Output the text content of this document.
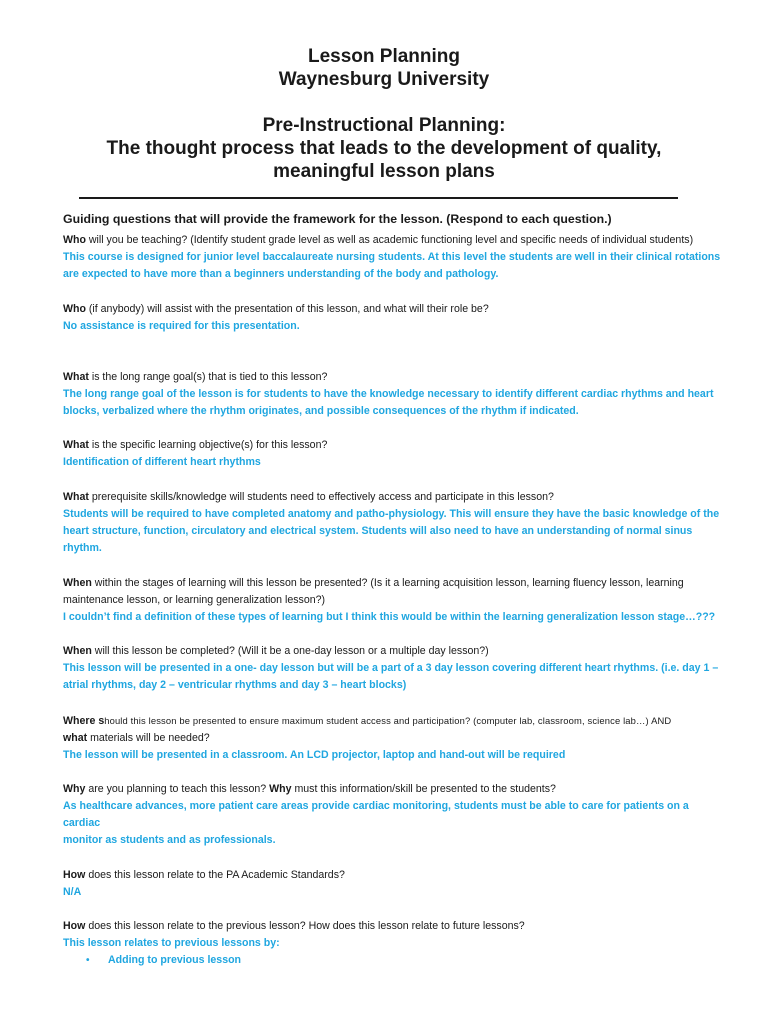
Lesson Planning

Waynesburg University

Pre-Instructional Planning:

The thought process that leads to the development of quality,

meaningful lesson plans

Guiding questions that will provide the framework for the lesson. (Respond to each question.)

Who will you be teaching? (Identify student grade level as well as academic functioning level and specific needs of individual students)

This course is designed for junior level baccalaureate nursing students. At this level the students are well in their clinical rotations

are expected to have more than a beginners understanding of the body and pathology.

Who (if anybody) will assist with the presentation of this lesson, and what will their role be?

No assistance is required for this presentation.

What is the long range goal(s) that is tied to this lesson?

The long range goal of the lesson is for students to have the knowledge necessary to identify different cardiac rhythms and heart

blocks, verbalized where the rhythm originates, and possible consequences of the rhythm if indicated.

What is the specific learning objective(s) for this lesson?

Identification of different heart rhythms

What prerequisite skills/knowledge will students need to effectively access and participate in this lesson?

Students will be required to have completed anatomy and patho-physiology. This will ensure they have the basic knowledge of the

heart structure, function, circulatory and electrical system. Students will also need to have an understanding of normal sinus rhythm.

When within the stages of learning will this lesson be presented? (Is it a learning acquisition lesson, learning fluency lesson, learning

maintenance lesson, or learning generalization lesson?)

I couldn’t find a definition of these types of learning but I think this would be within the learning generalization lesson stage…???

When will this lesson be completed? (Will it be a one-day lesson or a multiple day lesson?)

This lesson will be presented in a one- day lesson but will be a part of a 3 day lesson covering different heart rhythms. (i.e. day 1 –

atrial rhythms, day 2 – ventricular rhythms and day 3 – heart blocks)

Where should this lesson be presented to ensure maximum student access and participation? (computer lab, classroom, science lab…) AND

what materials will be needed?

The lesson will be presented in a classroom. An LCD projector, laptop and hand-out will be required

Why are you planning to teach this lesson? Why must this information/skill be presented to the students?

As healthcare advances, more patient care areas provide cardiac monitoring, students must be able to care for patients on a cardiac

monitor as students and as professionals.

How does this lesson relate to the PA Academic Standards?

N/A

How does this lesson relate to the previous lesson? How does this lesson relate to future lessons?

This lesson relates to previous lessons by:

• Adding to previous lesson
